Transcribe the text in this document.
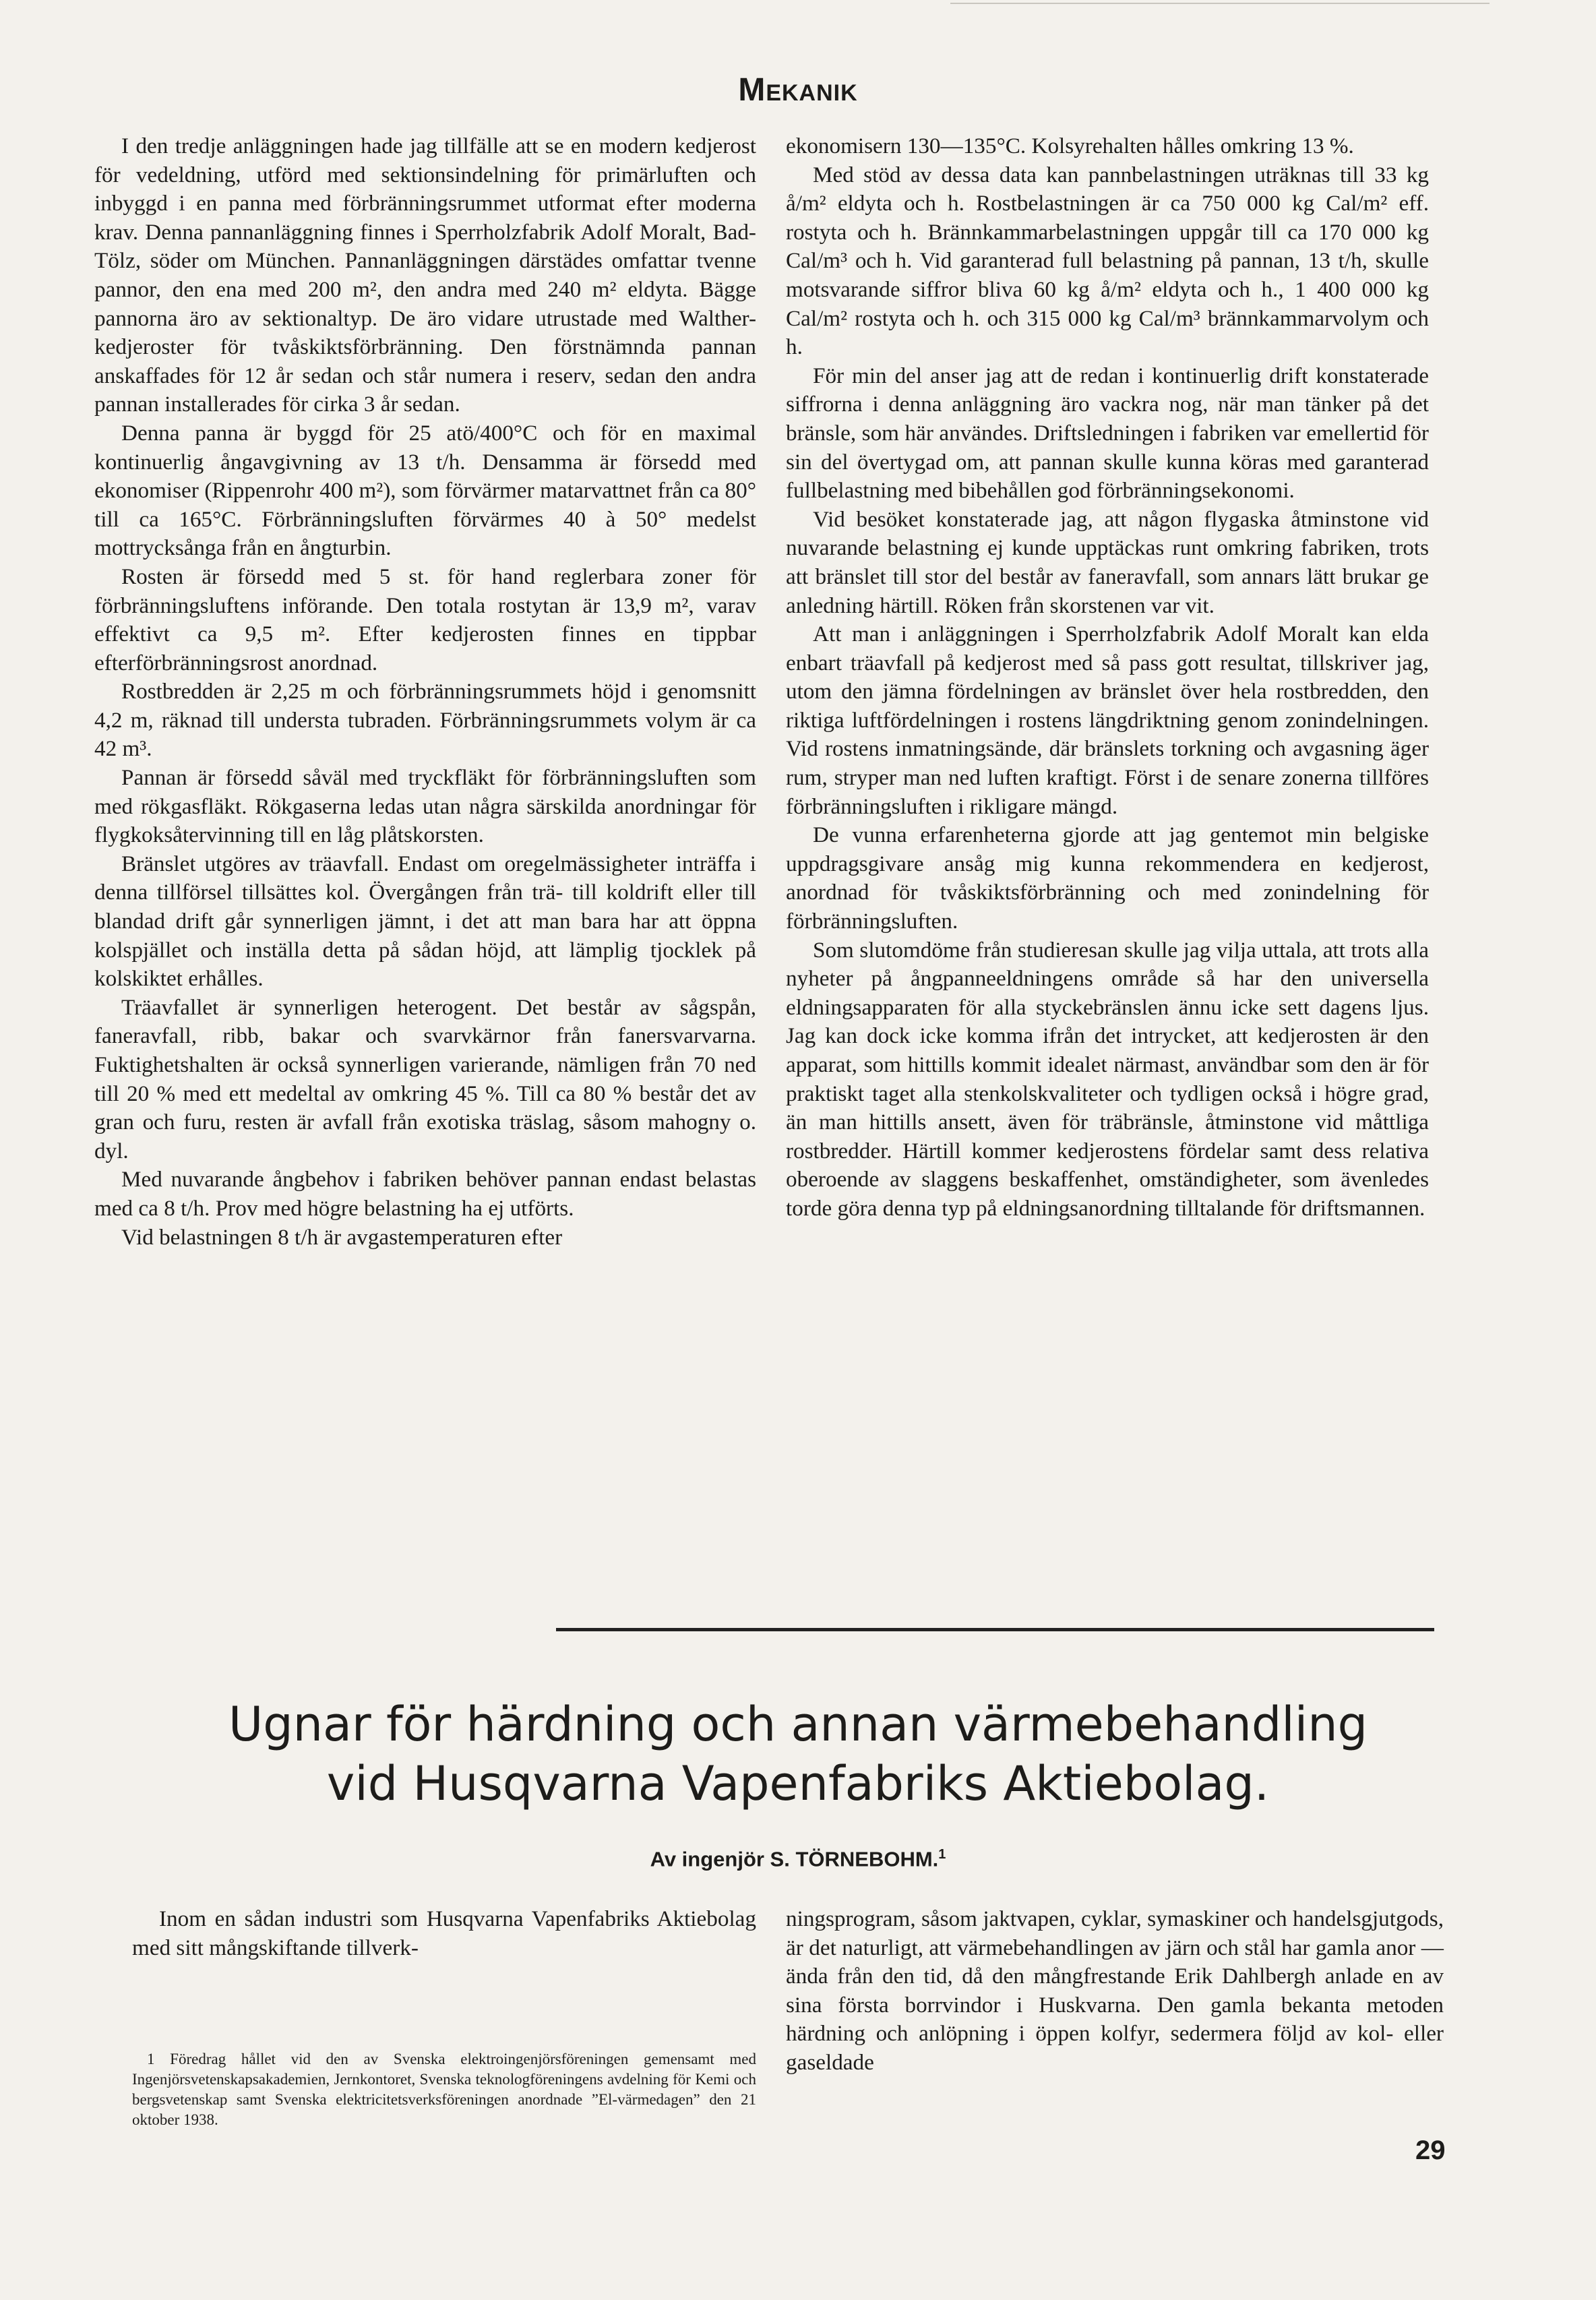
Mekanik

I den tredje anläggningen hade jag tillfälle att se en modern kedjerost för vedeldning, utförd med sektionsindelning för primärluften och inbyggd i en panna med förbränningsrummet utformat efter moderna krav. Denna pannanläggning finnes i Sperrholzfabrik Adolf Moralt, Bad-Tölz, söder om München. Pannanläggningen därstädes omfattar tvenne pannor, den ena med 200 m², den andra med 240 m² eldyta. Bägge pannorna äro av sektionaltyp. De äro vidare utrustade med Walther-kedjeroster för tvåskiktsförbränning. Den förstnämnda pannan anskaffades för 12 år sedan och står numera i reserv, sedan den andra pannan installerades för cirka 3 år sedan.

Denna panna är byggd för 25 atö/400°C och för en maximal kontinuerlig ångavgivning av 13 t/h. Densamma är försedd med ekonomiser (Rippenrohr 400 m²), som förvärmer matarvattnet från ca 80° till ca 165°C. Förbränningsluften förvärmes 40 à 50° medelst mottrycksånga från en ångturbin.

Rosten är försedd med 5 st. för hand reglerbara zoner för förbränningsluftens införande. Den totala rostytan är 13,9 m², varav effektivt ca 9,5 m². Efter kedjerosten finnes en tippbar efterförbränningsrost anordnad.

Rostbredden är 2,25 m och förbränningsrummets höjd i genomsnitt 4,2 m, räknad till understa tubraden. Förbränningsrummets volym är ca 42 m³.

Pannan är försedd såväl med tryckfläkt för förbränningsluften som med rökgasfläkt. Rökgaserna ledas utan några särskilda anordningar för flygkoksåtervinning till en låg plåtskorsten.

Bränslet utgöres av träavfall. Endast om oregelmässigheter inträffa i denna tillförsel tillsättes kol. Övergången från trä- till koldrift eller till blandad drift går synnerligen jämnt, i det att man bara har att öppna kolspjället och inställa detta på sådan höjd, att lämplig tjocklek på kolskiktet erhålles.

Träavfallet är synnerligen heterogent. Det består av sågspån, faneravfall, ribb, bakar och svarvkärnor från fanersvarvarna. Fuktighetshalten är också synnerligen varierande, nämligen från 70 ned till 20 % med ett medeltal av omkring 45 %. Till ca 80 % består det av gran och furu, resten är avfall från exotiska träslag, såsom mahogny o. dyl.

Med nuvarande ångbehov i fabriken behöver pannan endast belastas med ca 8 t/h. Prov med högre belastning ha ej utförts.

Vid belastningen 8 t/h är avgastemperaturen efter

ekonomisern 130—135°C. Kolsyrehalten hålles omkring 13 %.

Med stöd av dessa data kan pannbelastningen uträknas till 33 kg å/m² eldyta och h. Rostbelastningen är ca 750 000 kg Cal/m² eff. rostyta och h. Brännkammarbelastningen uppgår till ca 170 000 kg Cal/m³ och h. Vid garanterad full belastning på pannan, 13 t/h, skulle motsvarande siffror bliva 60 kg å/m² eldyta och h., 1 400 000 kg Cal/m² rostyta och h. och 315 000 kg Cal/m³ brännkammarvolym och h.

För min del anser jag att de redan i kontinuerlig drift konstaterade siffrorna i denna anläggning äro vackra nog, när man tänker på det bränsle, som här användes. Driftsledningen i fabriken var emellertid för sin del övertygad om, att pannan skulle kunna köras med garanterad fullbelastning med bibehållen god förbränningsekonomi.

Vid besöket konstaterade jag, att någon flygaska åtminstone vid nuvarande belastning ej kunde upptäckas runt omkring fabriken, trots att bränslet till stor del består av faneravfall, som annars lätt brukar ge anledning härtill. Röken från skorstenen var vit.

Att man i anläggningen i Sperrholzfabrik Adolf Moralt kan elda enbart träavfall på kedjerost med så pass gott resultat, tillskriver jag, utom den jämna fördelningen av bränslet över hela rostbredden, den riktiga luftfördelningen i rostens längdriktning genom zonindelningen. Vid rostens inmatningsände, där bränslets torkning och avgasning äger rum, stryper man ned luften kraftigt. Först i de senare zonerna tillföres förbränningsluften i rikligare mängd.

De vunna erfarenheterna gjorde att jag gentemot min belgiske uppdragsgivare ansåg mig kunna rekommendera en kedjerost, anordnad för tvåskiktsförbränning och med zonindelning för förbränningsluften.

Som slutomdöme från studieresan skulle jag vilja uttala, att trots alla nyheter på ångpanneeldningens område så har den universella eldningsapparaten för alla styckebränslen ännu icke sett dagens ljus. Jag kan dock icke komma ifrån det intrycket, att kedjerosten är den apparat, som hittills kommit idealet närmast, användbar som den är för praktiskt taget alla stenkolskvaliteter och tydligen också i högre grad, än man hittills ansett, även för träbränsle, åtminstone vid måttliga rostbredder. Härtill kommer kedjerostens fördelar samt dess relativa oberoende av slaggens beskaffenhet, omständigheter, som ävenledes torde göra denna typ på eldningsanordning tilltalande för driftsmannen.

Ugnar för härdning och annan värmebehandling
vid Husqvarna Vapenfabriks Aktiebolag.
Av ingenjör S. TÖRNEBOHM.$^1$

Inom en sådan industri som Husqvarna Vapenfabriks Aktiebolag med sitt mångskiftande tillverk-

1 Föredrag hållet vid den av Svenska elektroingenjörsföreningen gemensamt med Ingenjörsvetenskapsakademien, Jernkontoret, Svenska teknologföreningens avdelning för Kemi och bergsvetenskap samt Svenska elektricitetsverksföreningen anordnade ”El-värmedagen” den 21 oktober 1938.

ningsprogram, såsom jaktvapen, cyklar, symaskiner och handelsgjutgods, är det naturligt, att värmebehandlingen av järn och stål har gamla anor — ända från den tid, då den mångfrestande Erik Dahlbergh anlade en av sina första borrvindor i Huskvarna. Den gamla bekanta metoden härdning och anlöpning i öppen kolfyr, sedermera följd av kol- eller gaseldade

29
